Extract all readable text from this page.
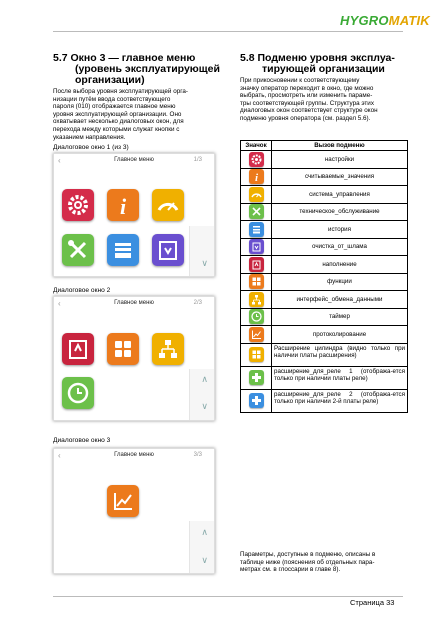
HYGROMATIK
5.7 Окно 3 — главное меню
(уровень эксплуатирующей
организации)
После выбора уровня эксплуатирующей орга-
низации путём ввода соответствующего
пароля (010) отображается главное меню
уровня эксплуатирующей организации. Оно
охватывает несколько диалоговых окон, для
перехода между которыми служат кнопки с
указанием направления.
Диалоговое окно 1 (из 3)
‹	Главное меню	1/3
∨
i
Диалоговое окно 2
‹	Главное меню	2/3
∧
∨
Диалоговое окно 3
‹	Главное меню	3/3
∧
∨
5.8 Подменю уровня эксплуа-
тирующей организации
При прикосновении к соответствующему
значку оператор переходит в окно, где можно
выбрать, просмотреть или изменить параме-
тры соответствующей группы. Структура этих
диалоговых окон соответствует структуре окон
подменю уровня оператора (см. раздел 5.6).
Значок	Вызов подменю

	настройки

i	считываемые_значения

	система_управления

	техническое_обслуживание

	история

	очистка_от_шлама

	наполнение

	функции

	интерфейс_обмена_данными

	таймер

	протоколирование

	Расширение цилиндра (видно только при наличии платы расширения)

	расширение_для_реле 1 (отобража-ется только при наличии платы реле)

	расширение_для_реле 2 (отобража-ется только при наличии 2-й платы реле)
Параметры, доступные в подменю, описаны в
таблице ниже (пояснения об отдельных пара-
метрах см. в глоссарии в главе 8).
Страница 33
